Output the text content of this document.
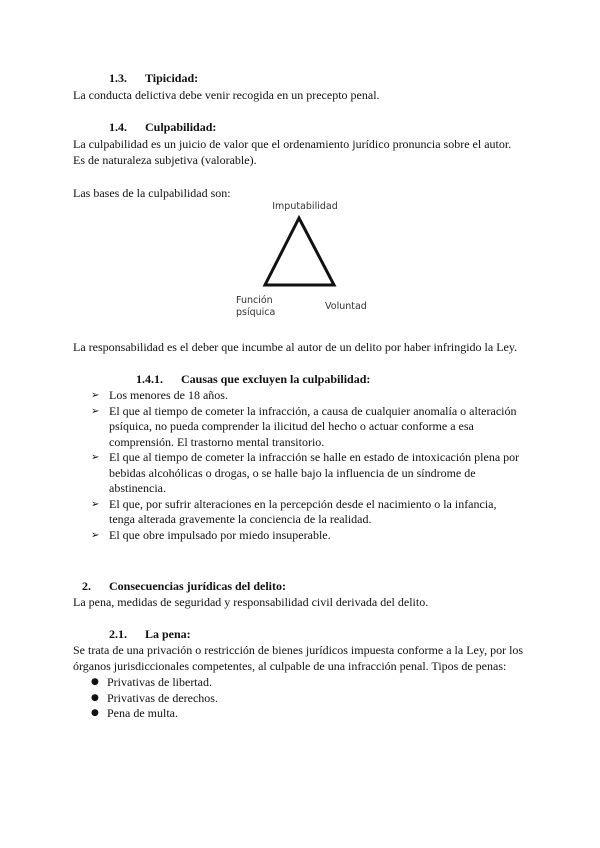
1.3. Tipicidad:

La conducta delictiva debe venir recogida en un precepto penal.

1.4. Culpabilidad:

La culpabilidad es un juicio de valor que el ordenamiento jurídico pronuncia sobre el autor.

Es de naturaleza subjetiva (valorable).

Las bases de la culpabilidad son:

Imputabilidad
Función
psíquica
Voluntad

La responsabilidad es el deber que incumbe al autor de un delito por haber infringido la Ley.

1.4.1. Causas que excluyen la culpabilidad:
➢ Los menores de 18 años.
➢ El que al tiempo de cometer la infracción, a causa de cualquier anomalía o alteración
psíquica, no pueda comprender la ilicitud del hecho o actuar conforme a esa
comprensión. El trastorno mental transitorio.
➢ El que al tiempo de cometer la infracción se halle en estado de intoxicación plena por
bebidas alcohólicas o drogas, o se halle bajo la influencia de un síndrome de
abstinencia.
➢ El que, por sufrir alteraciones en la percepción desde el nacimiento o la infancia,
tenga alterada gravemente la conciencia de la realidad.
➢ El que obre impulsado por miedo insuperable.
2. Consecuencias jurídicas del delito:

La pena, medidas de seguridad y responsabilidad civil derivada del delito.

2.1. La pena:

Se trata de una privación o restricción de bienes jurídicos impuesta conforme a la Ley, por los

órganos jurisdiccionales competentes, al culpable de una infracción penal. Tipos de penas:

● Privativas de libertad.
● Privativas de derechos.
● Pena de multa.
